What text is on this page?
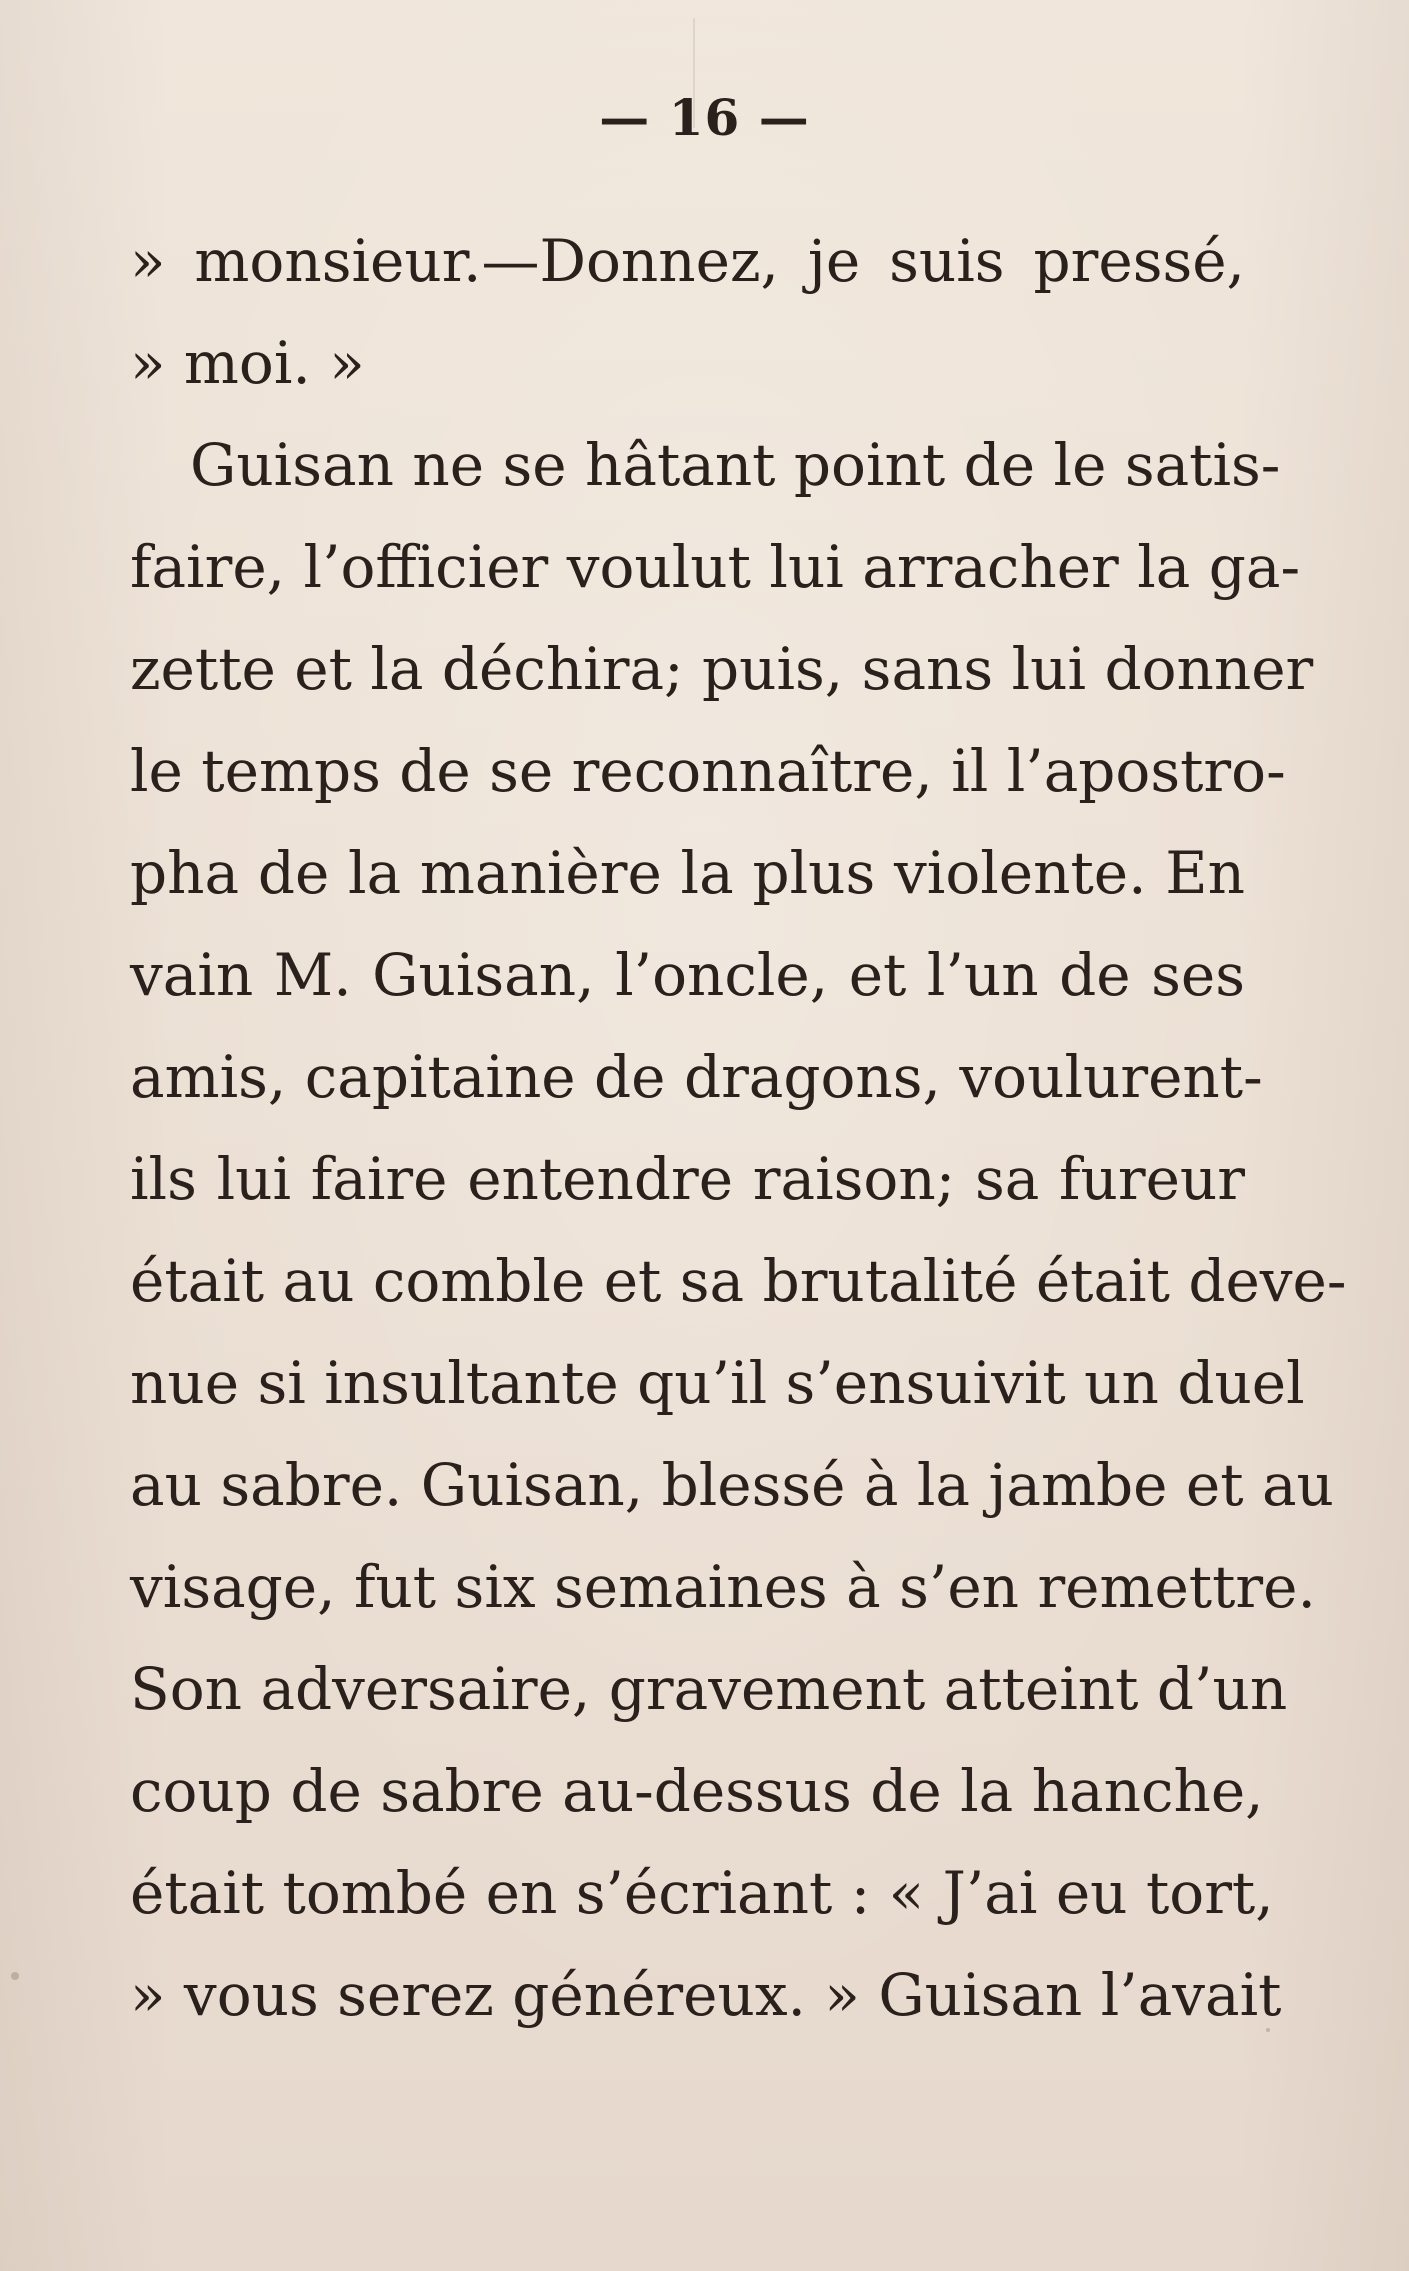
— 16 —
» monsieur.—Donnez, je suis pressé,
» moi. »
Guisan ne se hâtant point de le satis-
faire, l’officier voulut lui arracher la ga-
zette et la déchira; puis, sans lui donner
le temps de se reconnaître, il l’apostro-
pha de la manière la plus violente. En
vain M. Guisan, l’oncle, et l’un de ses
amis, capitaine de dragons, voulurent-
ils lui faire entendre raison; sa fureur
était au comble et sa brutalité était deve-
nue si insultante qu’il s’ensuivit un duel
au sabre. Guisan, blessé à la jambe et au
visage, fut six semaines à s’en remettre.
Son adversaire, gravement atteint d’un
coup de sabre au-dessus de la hanche,
était tombé en s’écriant : « J’ai eu tort,
» vous serez généreux. » Guisan l’avait
